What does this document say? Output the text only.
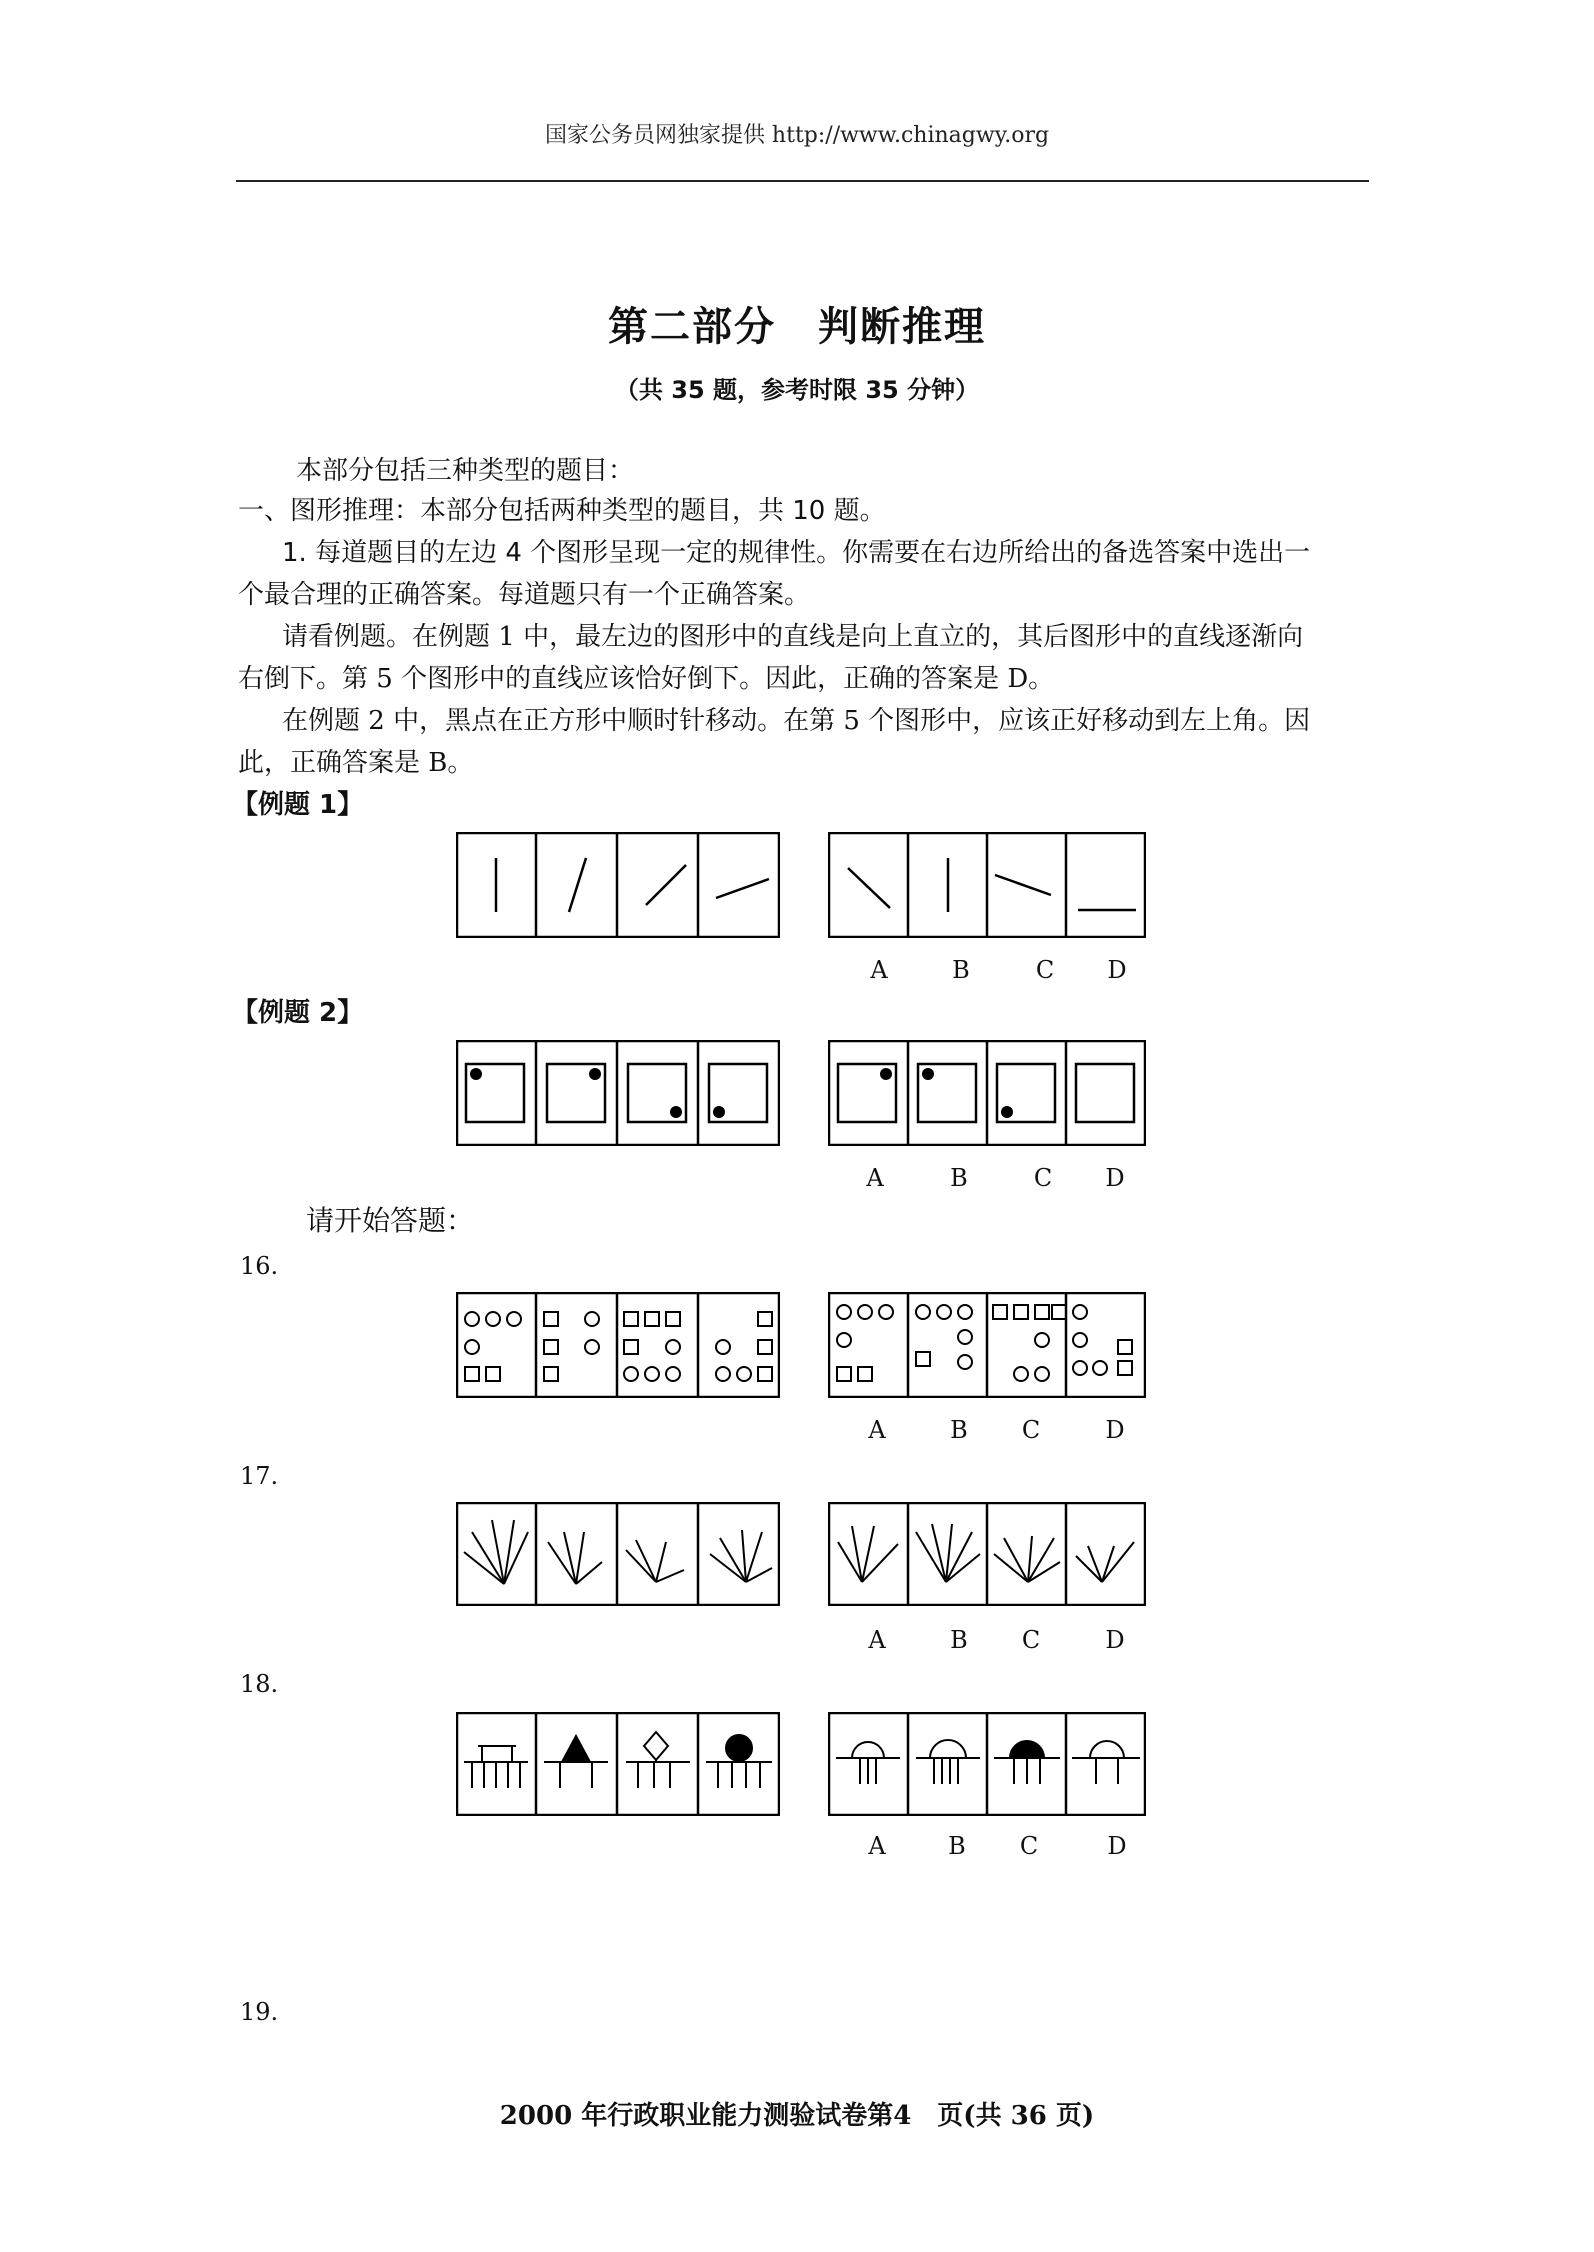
国家公务员网独家提供 http://www.chinagwy.org
第二部分　判断推理
（共 35 题，参考时限 35 分钟）
本部分包括三种类型的题目：
一、图形推理：本部分包括两种类型的题目，共 10 题。
1. 每道题目的左边 4 个图形呈现一定的规律性。你需要在右边所给出的备选答案中选出一
个最合理的正确答案。每道题只有一个正确答案。
请看例题。在例题 1 中，最左边的图形中的直线是向上直立的，其后图形中的直线逐渐向
右倒下。第 5 个图形中的直线应该恰好倒下。因此，正确的答案是 D。
在例题 2 中，黑点在正方形中顺时针移动。在第 5 个图形中，应该正好移动到左上角。因
此，正确答案是 B。
【例题 1】
A	B	C D
【例题 2】
A	B	C D
请开始答题：
16.
A	B C	D
17.
A	B C	D
18.
A	B C	D
19.
2000 年行政职业能力测验试卷第4　页(共 36 页)
